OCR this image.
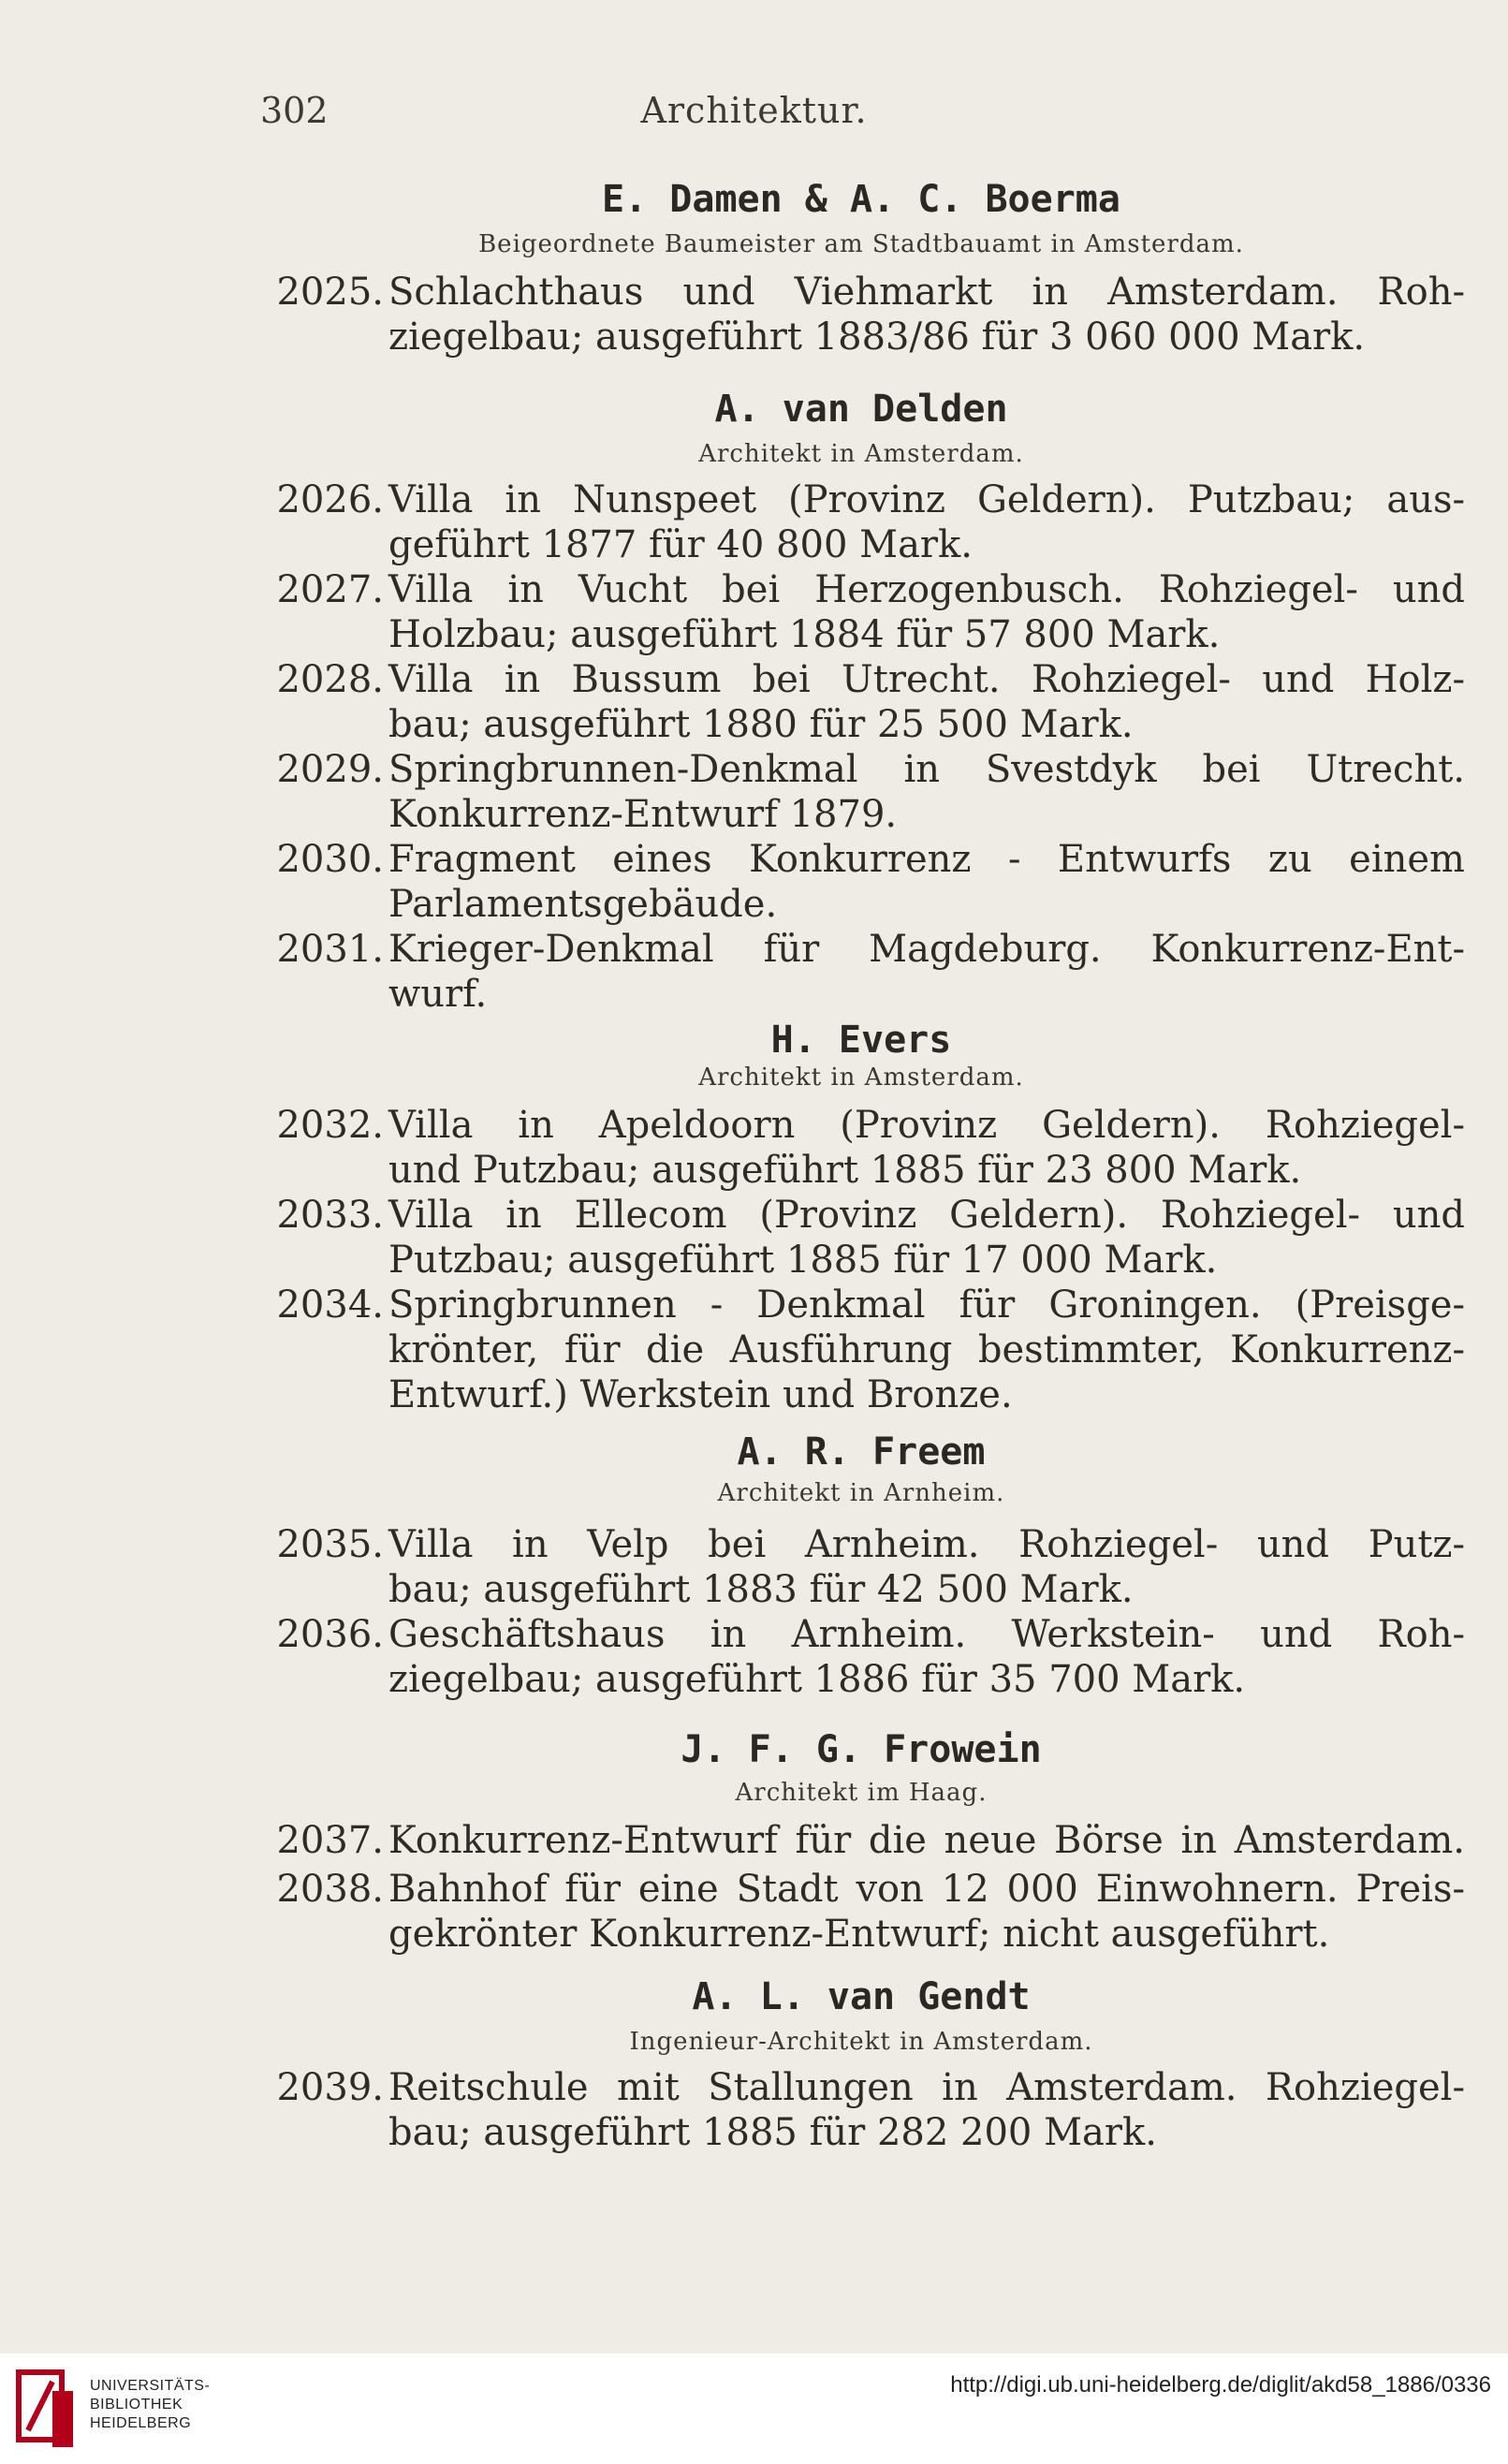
302	Architektur.
E. Damen & A. C. Boerma
Beigeordnete Baumeister am Stadtbauamt in Amsterdam.
2025. Schlachthaus und Viehmarkt in Amsterdam. Roh-
ziegelbau; ausgeführt 1883/86 für 3 060 000 Mark.
A. van Delden
Architekt in Amsterdam.
2026. Villa in Nunspeet (Provinz Geldern). Putzbau; aus-
geführt 1877 für 40 800 Mark.
2027. Villa in Vucht bei Herzogenbusch. Rohziegel- und
Holzbau; ausgeführt 1884 für 57 800 Mark.
2028. Villa in Bussum bei Utrecht. Rohziegel- und Holz-
bau; ausgeführt 1880 für 25 500 Mark.
2029. Springbrunnen-Denkmal in Svestdyk bei Utrecht.
Konkurrenz-Entwurf 1879.
2030. Fragment eines Konkurrenz - Entwurfs zu einem
Parlamentsgebäude.
2031. Krieger-Denkmal für Magdeburg. Konkurrenz-Ent-
wurf.
H. Evers
Architekt in Amsterdam.
2032. Villa in Apeldoorn (Provinz Geldern). Rohziegel-
und Putzbau; ausgeführt 1885 für 23 800 Mark.
2033. Villa in Ellecom (Provinz Geldern). Rohziegel- und
Putzbau; ausgeführt 1885 für 17 000 Mark.
2034. Springbrunnen - Denkmal für Groningen. (Preisge-
krönter, für die Ausführung bestimmter, Konkurrenz-
Entwurf.) Werkstein und Bronze.
A. R. Freem
Architekt in Arnheim.
2035. Villa in Velp bei Arnheim. Rohziegel- und Putz-
bau; ausgeführt 1883 für 42 500 Mark.
2036. Geschäftshaus in Arnheim. Werkstein- und Roh-
ziegelbau; ausgeführt 1886 für 35 700 Mark.
J. F. G. Frowein
Architekt im Haag.
2037. Konkurrenz-Entwurf für die neue Börse in Amsterdam.
2038. Bahnhof für eine Stadt von 12 000 Einwohnern. Preis-
gekrönter Konkurrenz-Entwurf; nicht ausgeführt.
A. L. van Gendt
Ingenieur-Architekt in Amsterdam.
2039. Reitschule mit Stallungen in Amsterdam. Rohziegel-
bau; ausgeführt 1885 für 282 200 Mark.
UNIVERSITÄTS-
BIBLIOTHEK
HEIDELBERG
http://digi.ub.uni-heidelberg.de/diglit/akd58_1886/0336
